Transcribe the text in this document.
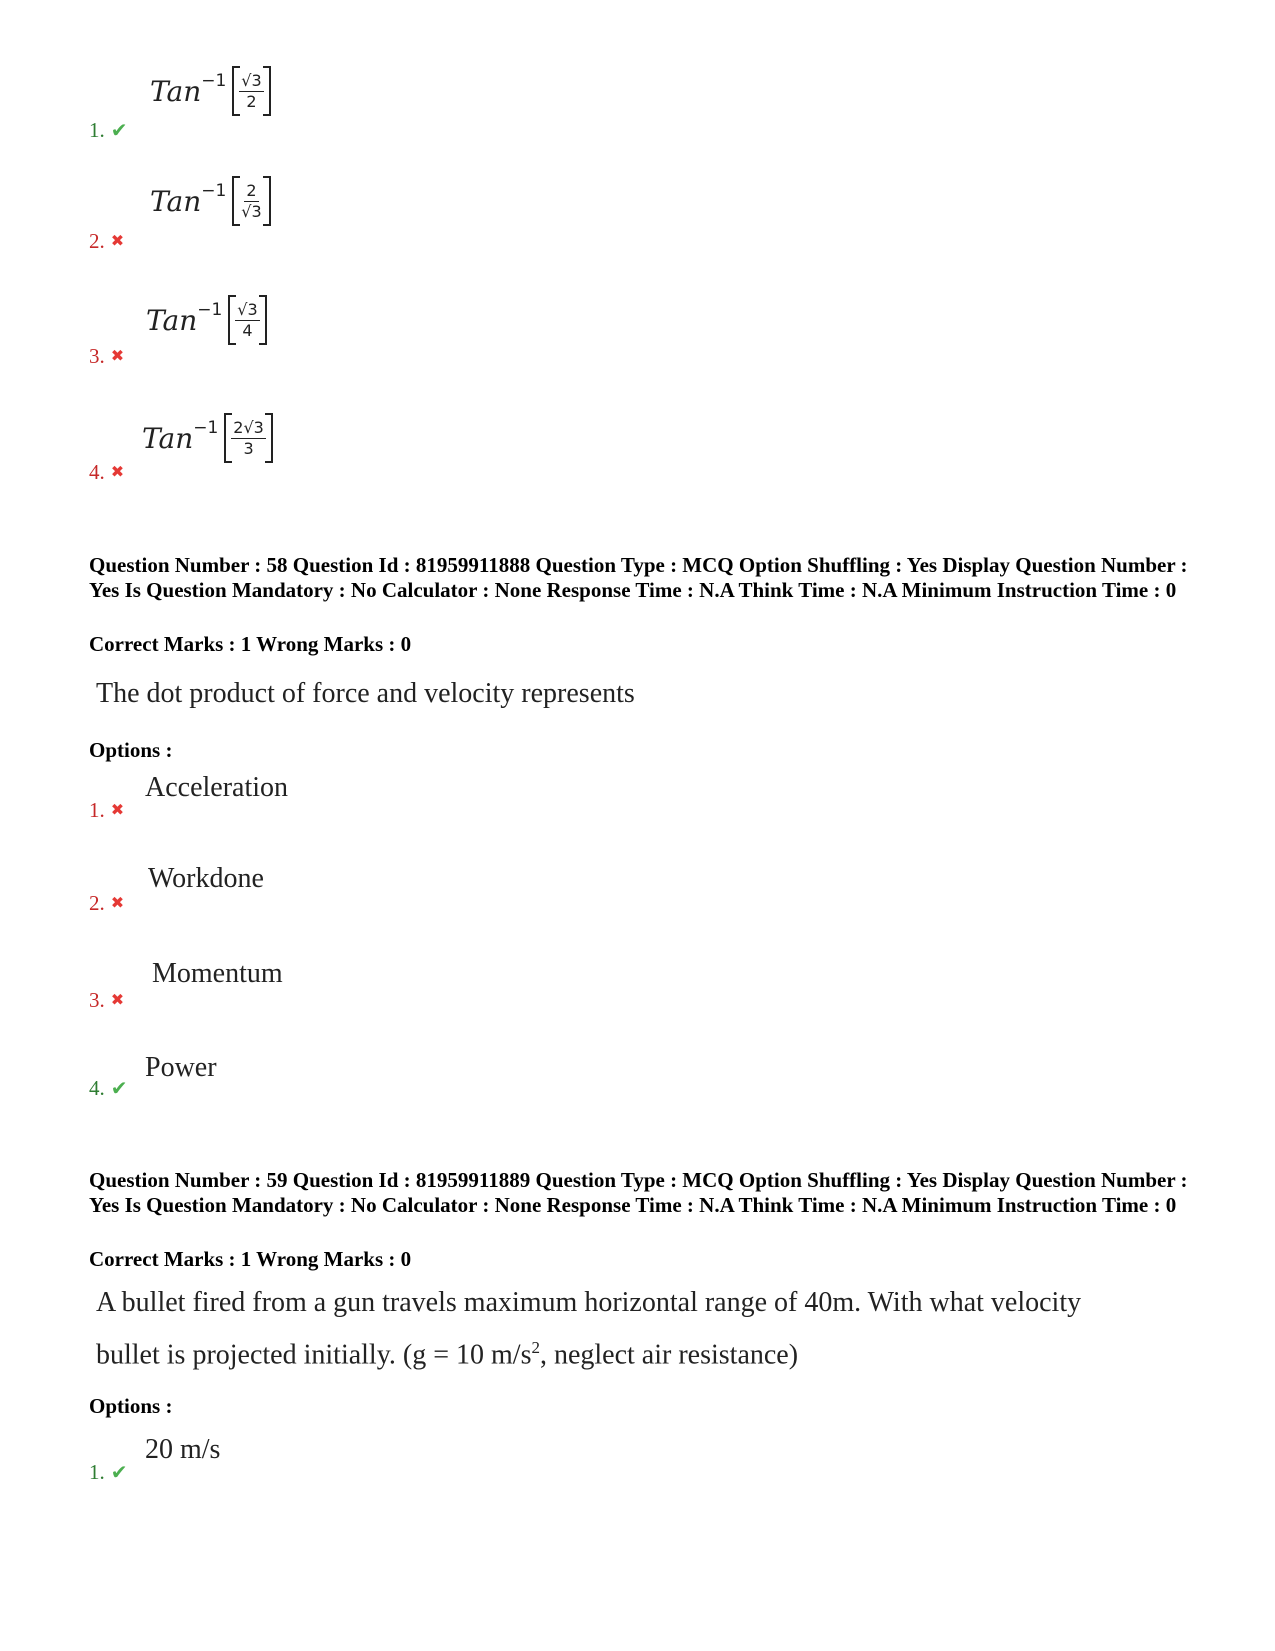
Tan −1 √3
2
1. ✔
Tan −1 2
√3
2. ✖
Tan −1 √3
4
3. ✖
Tan −1 2√3
3
4. ✖
Question Number : 58 Question Id : 81959911888 Question Type : MCQ Option Shuffling : Yes Display Question Number : Yes Is Question Mandatory : No Calculator : None Response Time : N.A Think Time : N.A Minimum Instruction Time : 0
Correct Marks : 1 Wrong Marks : 0
The dot product of force and velocity represents
Options :
Acceleration
1. ✖
Workdone
2. ✖
Momentum
3. ✖
Power
4. ✔
Question Number : 59 Question Id : 81959911889 Question Type : MCQ Option Shuffling : Yes Display Question Number : Yes Is Question Mandatory : No Calculator : None Response Time : N.A Think Time : N.A Minimum Instruction Time : 0
Correct Marks : 1 Wrong Marks : 0
A bullet fired from a gun travels maximum horizontal range of 40m. With what velocity
bullet is projected initially. (g = 10 $m/s^2$, neglect air resistance)
Options :
20 m/s
1. ✔
